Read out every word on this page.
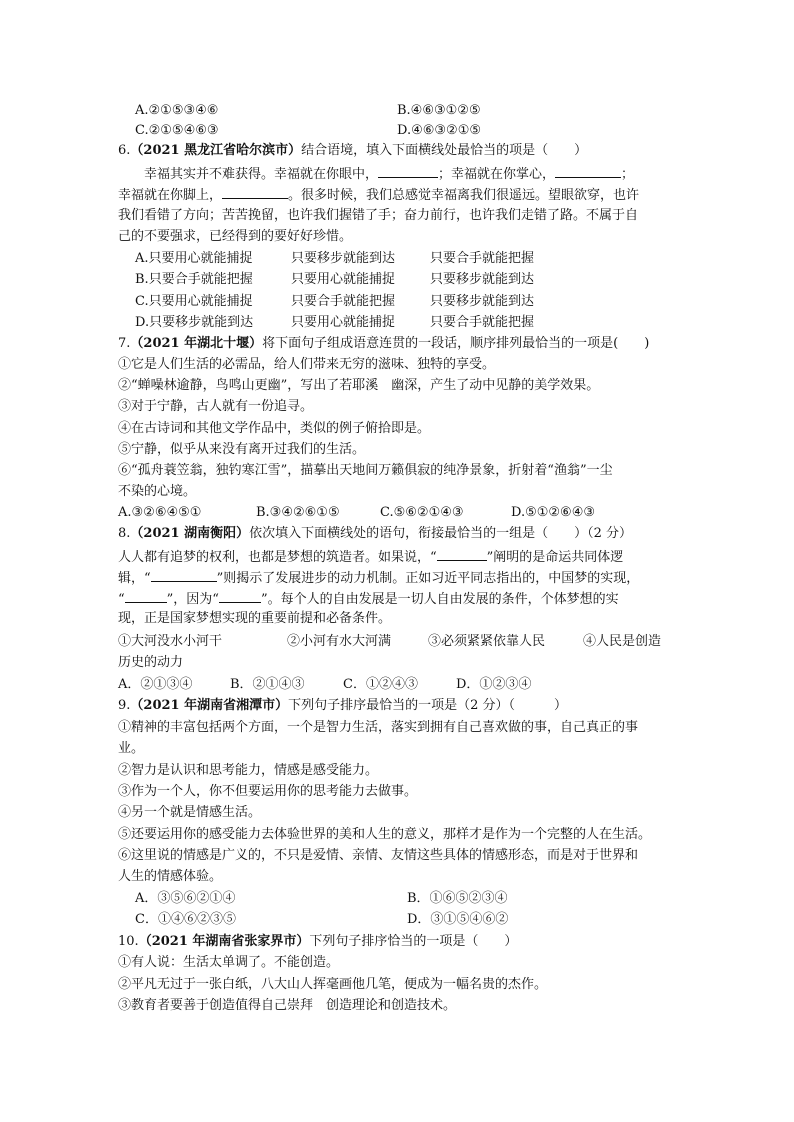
A.②①⑤③④⑥	B.④⑥③①②⑤
C.②①⑤④⑥③	D.④⑥③②①⑤
6.（2021 黑龙江省哈尔滨市）结合语境，填入下面横线处最恰当的项是（　　）
幸福其实并不难获得。幸福就在你眼中，	；幸福就在你掌心，	；
幸福就在你脚上，	。很多时候，我们总感觉幸福离我们很遥远。望眼欲穿，也许
我们看错了方向；苦苦挽留，也许我们握错了手；奋力前行，也许我们走错了路。不属于自
己的不要强求，已经得到的要好好珍惜。
A.只要用心就能捕捉	只要移步就能到达	只要合手就能把握
B.只要合手就能把握	只要用心就能捕捉	只要移步就能到达
C.只要用心就能捕捉	只要合手就能把握	只要移步就能到达
D.只要移步就能到达	只要用心就能捕捉	只要合手就能把握
7.（2021 年湖北十堰）将下面句子组成语意连贯的一段话，顺序排列最恰当的一项是(　　)
①它是人们生活的必需品，给人们带来无穷的滋味、独特的享受。
②“蝉噪林逾静，鸟鸣山更幽”，写出了若耶溪　幽深，产生了动中见静的美学效果。
③对于宁静，古人就有一份追寻。
④在古诗词和其他文学作品中，类似的例子俯拾即是。
⑤宁静，似乎从来没有离开过我们的生活。
⑥“孤舟蓑笠翁，独钓寒江雪”，描摹出天地间万籁俱寂的纯净景象，折射着“渔翁”一尘
不染的心境。
A.③②⑥④⑤①	B.③④②⑥①⑤	C.⑤⑥②①④③	D.⑤①②⑥④③
8.（2021 湖南衡阳）依次填入下面横线处的语句，衔接最恰当的一组是（　　）（2 分）
人人都有追梦的权利，也都是梦想的筑造者。如果说，“	”阐明的是命运共同体逻
辑，“	”则揭示了发展进步的动力机制。正如习近平同志指出的，中国梦的实现，
“	”，因为“	”。每个人的自由发展是一切人自由发展的条件，个体梦想的实
现，正是国家梦想实现的重要前提和必备条件。
①大河没水小河干	②小河有水大河满	③必须紧紧依靠人民	④人民是创造
历史的动力
A．②①③④	B．②①④③	C．①②④③	D．①②③④
9.（2021 年湖南省湘潭市）下列句子排序最恰当的一项是（2 分）（　　　）
①精神的丰富包括两个方面，一个是智力生活，落实到拥有自己喜欢做的事，自己真正的事
业。
②智力是认识和思考能力，情感是感受能力。
③作为一个人，你不但要运用你的思考能力去做事。
④另一个就是情感生活。
⑤还要运用你的感受能力去体验世界的美和人生的意义，那样才是作为一个完整的人在生活。
⑥这里说的情感是广义的，不只是爱情、亲情、友情这些具体的情感形态，而是对于世界和
人生的情感体验。
A．③⑤⑥②①④	B．①⑥⑤②③④
C．①④⑥②③⑤	D．③①⑤④⑥②
10.（2021 年湖南省张家界市）下列句子排序恰当的一项是（　　）
①有人说：生活太单调了。不能创造。
②平凡无过于一张白纸，八大山人挥毫画他几笔，便成为一幅名贵的杰作。
③教育者要善于创造值得自己崇拜　创造理论和创造技术。
